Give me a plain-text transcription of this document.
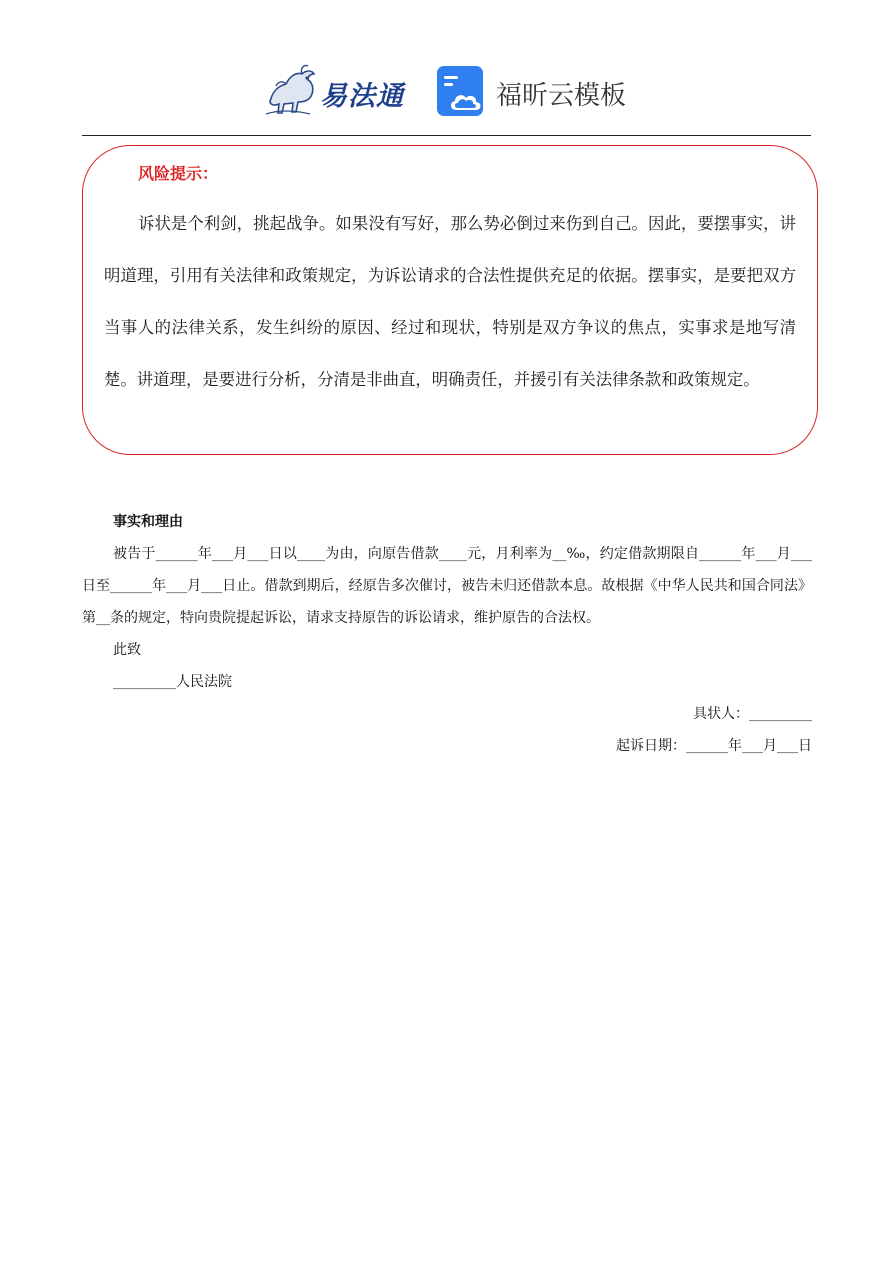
易法通	福昕云模板
风险提示：

诉状是个利剑，挑起战争。如果没有写好，那么势必倒过来伤到自己。因此，要摆事实，讲明道理，引用有关法律和政策规定，为诉讼请求的合法性提供充足的依据。摆事实，是要把双方当事人的法律关系，发生纠纷的原因、经过和现状，特别是双方争议的焦点，实事求是地写清楚。讲道理，是要进行分析，分清是非曲直，明确责任，并援引有关法律条款和政策规定。

事实和理由

被告于______年___月___日以____为由，向原告借款____元，月利率为__‰，约定借款期限自______年___月___日至______年___月___日止。借款到期后，经原告多次催讨，被告未归还借款本息。故根据《中华人民共和国合同法》第__条的规定，特向贵院提起诉讼，请求支持原告的诉讼请求，维护原告的合法权。

此致

_________人民法院

具状人：_________

起诉日期：______年___月___日
